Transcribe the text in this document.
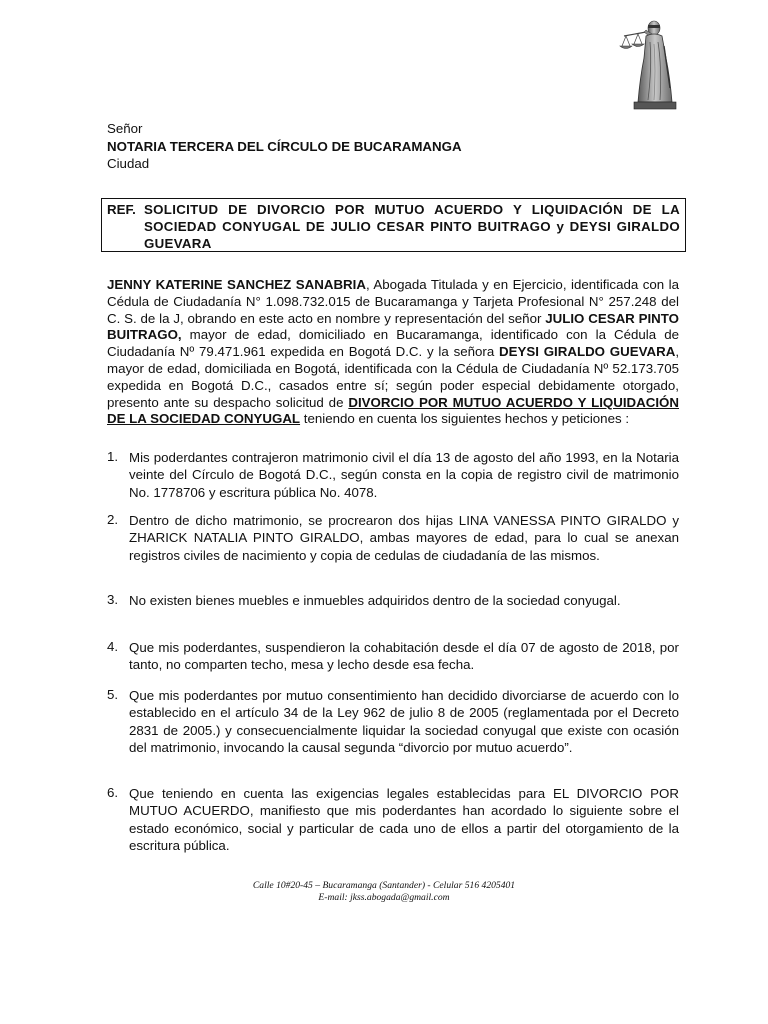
Señor
NOTARIA TERCERA DEL CÍRCULO DE BUCARAMANGA
Ciudad
REF. SOLICITUD DE DIVORCIO POR MUTUO ACUERDO Y LIQUIDACIÓN DE LA SOCIEDAD CONYUGAL DE JULIO CESAR PINTO BUITRAGO y DEYSI GIRALDO GUEVARA
JENNY KATERINE SANCHEZ SANABRIA, Abogada Titulada y en Ejercicio, identificada con la Cédula de Ciudadanía N° 1.098.732.015 de Bucaramanga y Tarjeta Profesional N° 257.248 del C. S. de la J, obrando en este acto en nombre y representación del señor JULIO CESAR PINTO BUITRAGO, mayor de edad, domiciliado en Bucaramanga, identificado con la Cédula de Ciudadanía Nº 79.471.961 expedida en Bogotá D.C. y la señora DEYSI GIRALDO GUEVARA, mayor de edad, domiciliada en Bogotá, identificada con la Cédula de Ciudadanía Nº 52.173.705 expedida en Bogotá D.C., casados entre sí; según poder especial debidamente otorgado, presento ante su despacho solicitud de DIVORCIO POR MUTUO ACUERDO Y LIQUIDACIÓN DE LA SOCIEDAD CONYUGAL teniendo en cuenta los siguientes hechos y peticiones :
1. Mis poderdantes contrajeron matrimonio civil el día 13 de agosto del año 1993, en la Notaria veinte del Círculo de Bogotá D.C., según consta en la copia de registro civil de matrimonio No. 1778706 y escritura pública No. 4078.
2. Dentro de dicho matrimonio, se procrearon dos hijas LINA VANESSA PINTO GIRALDO y ZHARICK NATALIA PINTO GIRALDO, ambas mayores de edad, para lo cual se anexan registros civiles de nacimiento y copia de cedulas de ciudadanía de las mismos.
3. No existen bienes muebles e inmuebles adquiridos dentro de la sociedad conyugal.
4. Que mis poderdantes, suspendieron la cohabitación desde el día 07 de agosto de 2018, por tanto, no comparten techo, mesa y lecho desde esa fecha.
5. Que mis poderdantes por mutuo consentimiento han decidido divorciarse de acuerdo con lo establecido en el artículo 34 de la Ley 962 de julio 8 de 2005 (reglamentada por el Decreto 2831 de 2005.) y consecuencialmente liquidar la sociedad conyugal que existe con ocasión del matrimonio, invocando la causal segunda “divorcio por mutuo acuerdo”.
6. Que teniendo en cuenta las exigencias legales establecidas para EL DIVORCIO POR MUTUO ACUERDO, manifiesto que mis poderdantes han acordado lo siguiente sobre el estado económico, social y particular de cada uno de ellos a partir del otorgamiento de la escritura pública.
Calle 10#20-45 – Bucaramanga (Santander) - Celular 516 4205401
E-mail: jkss.abogada@gmail.com
